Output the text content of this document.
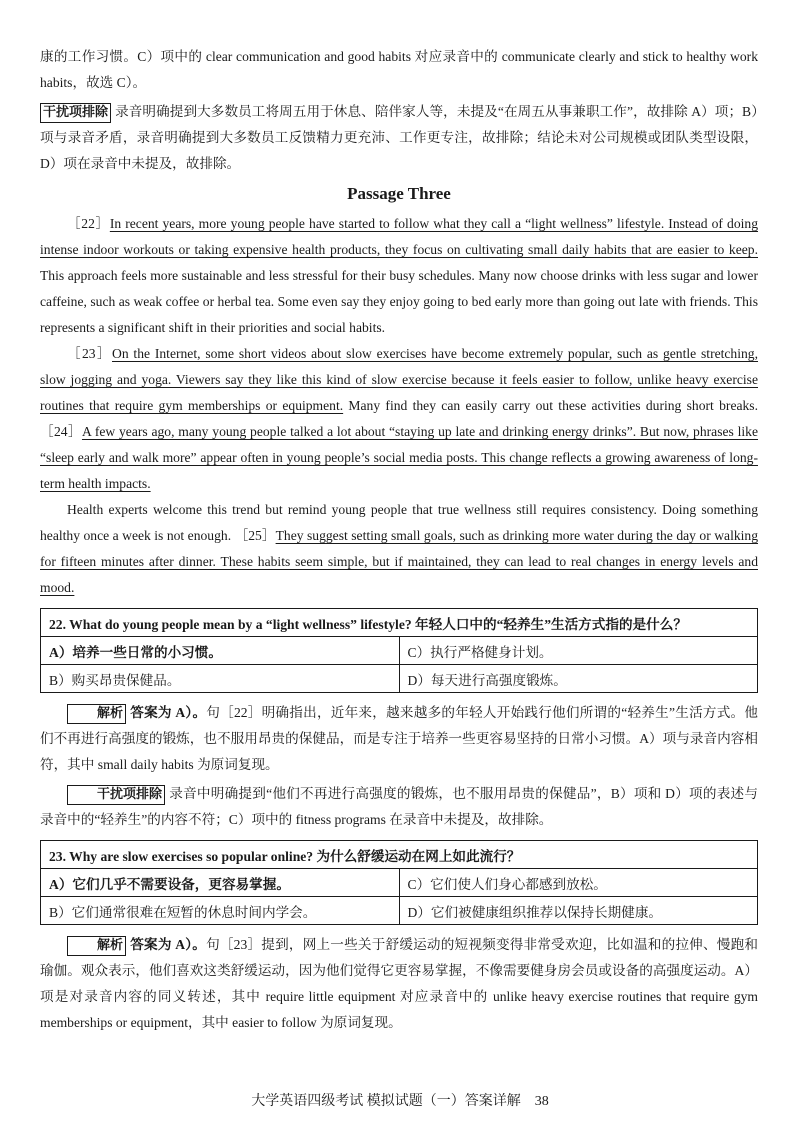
康的工作习惯。C）项中的 clear communication and good habits 对应录音中的 communicate clearly and stick to healthy work habits，故选 C）。

干扰项排除 录音明确提到大多数员工将周五用于休息、陪伴家人等，未提及“在周五从事兼职工作”，故排除 A）项；B）项与录音矛盾，录音明确提到大多数员工反馈精力更充沛、工作更专注，故排除；结论未对公司规模或团队类型设限，D）项在录音中未提及，故排除。

Passage Three

［22］In recent years, more young people have started to follow what they call a “light wellness” lifestyle. Instead of doing intense indoor workouts or taking expensive health products, they focus on cultivating small daily habits that are easier to keep. This approach feels more sustainable and less stressful for their busy schedules. Many now choose drinks with less sugar and lower caffeine, such as weak coffee or herbal tea. Some even say they enjoy going to bed early more than going out late with friends. This represents a significant shift in their priorities and social habits.

［23］On the Internet, some short videos about slow exercises have become extremely popular, such as gentle stretching, slow jogging and yoga. Viewers say they like this kind of slow exercise because it feels easier to follow, unlike heavy exercise routines that require gym memberships or equipment. Many find they can easily carry out these activities during short breaks. ［24］A few years ago, many young people talked a lot about “staying up late and drinking energy drinks”. But now, phrases like “sleep early and walk more” appear often in young people’s social media posts. This change reflects a growing awareness of long-term health impacts.

Health experts welcome this trend but remind young people that true wellness still requires consistency. Doing something healthy once a week is not enough. ［25］They suggest setting small goals, such as drinking more water during the day or walking for fifteen minutes after dinner. These habits seem simple, but if maintained, they can lead to real changes in energy levels and mood.

22. What do young people mean by a “light wellness” lifestyle? 年轻人口中的“轻养生”生活方式指的是什么？	
A）培养一些日常的小习惯。	C）执行严格健身计划。
B）购买昂贵保健品。	D）每天进行高强度锻炼。

解析 答案为 A）。句［22］明确指出，近年来，越来越多的年轻人开始践行他们所谓的“轻养生”生活方式。他们不再进行高强度的锻炼，也不服用昂贵的保健品，而是专注于培养一些更容易坚持的日常小习惯。A）项与录音内容相符，其中 small daily habits 为原词复现。

干扰项排除 录音中明确提到“他们不再进行高强度的锻炼，也不服用昂贵的保健品”，B）项和 D）项的表述与录音中的“轻养生”的内容不符；C）项中的 fitness programs 在录音中未提及，故排除。

23. Why are slow exercises so popular online? 为什么舒缓运动在网上如此流行？	
A）它们几乎不需要设备，更容易掌握。	C）它们使人们身心都感到放松。
B）它们通常很难在短暂的休息时间内学会。	D）它们被健康组织推荐以保持长期健康。

解析 答案为 A）。句［23］提到，网上一些关于舒缓运动的短视频变得非常受欢迎，比如温和的拉伸、慢跑和瑜伽。观众表示，他们喜欢这类舒缓运动，因为他们觉得它更容易掌握，不像需要健身房会员或设备的高强度运动。A）项是对录音内容的同义转述，其中 require little equipment 对应录音中的 unlike heavy exercise routines that require gym memberships or equipment，其中 easier to follow 为原词复现。

大学英语四级考试 模拟试题（一）答案详解　38
